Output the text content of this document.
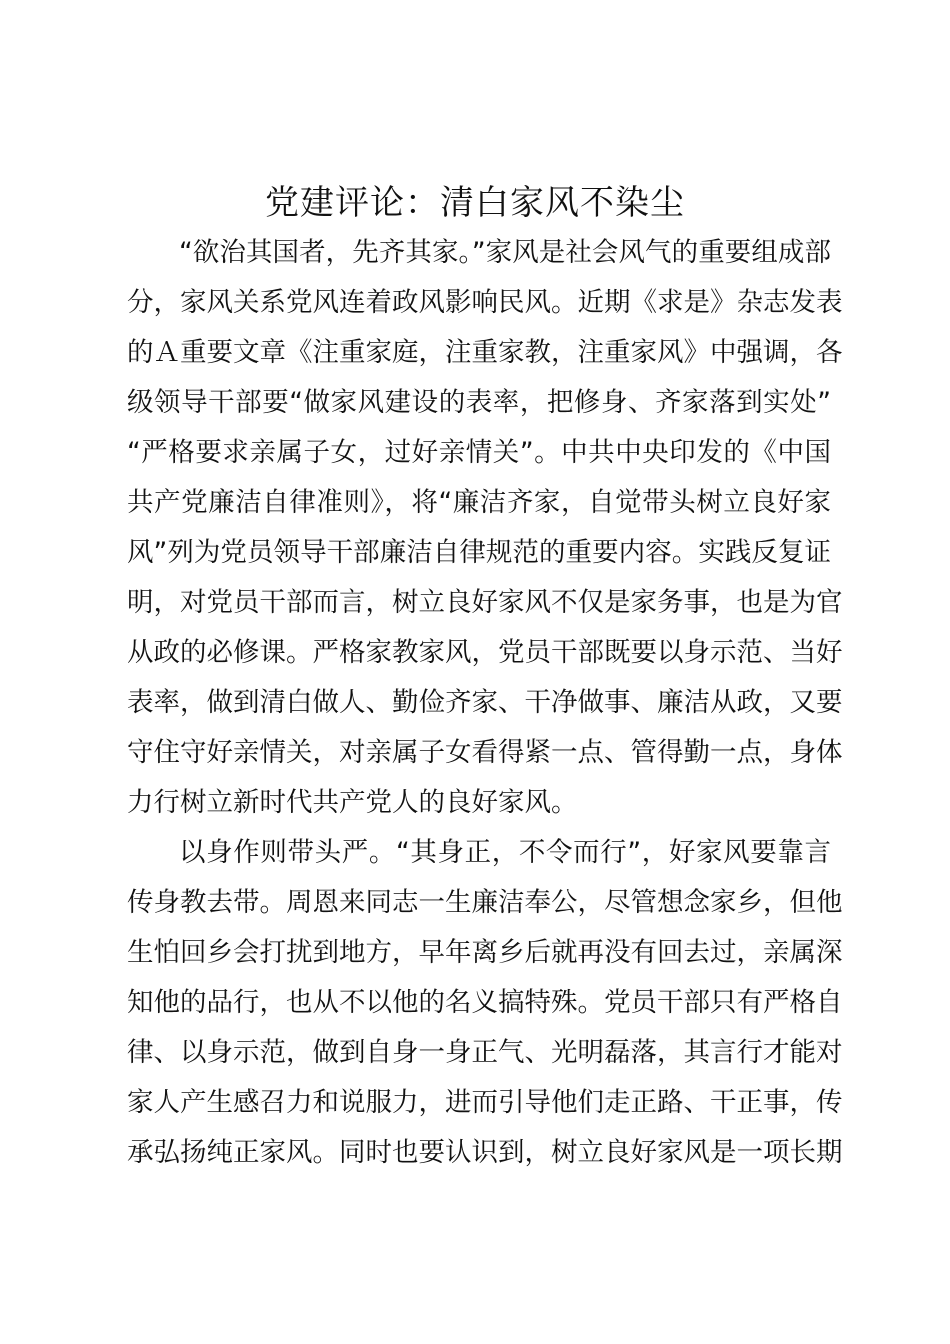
党建评论：清白家风不染尘

“欲治其国者，先齐其家。”家风是社会风气的重要组成部

分，家风关系党风连着政风影响民风。近期《求是》杂志发表

的Ａ重要文章《注重家庭，注重家教，注重家风》中强调，各

级领导干部要“做家风建设的表率，把修身、齐家落到实处”

“严格要求亲属子女，过好亲情关”。中共中央印发的《中国

共产党廉洁自律准则》，将“廉洁齐家，自觉带头树立良好家

风”列为党员领导干部廉洁自律规范的重要内容。实践反复证

明，对党员干部而言，树立良好家风不仅是家务事，也是为官

从政的必修课。严格家教家风，党员干部既要以身示范、当好

表率，做到清白做人、勤俭齐家、干净做事、廉洁从政，又要

守住守好亲情关，对亲属子女看得紧一点、管得勤一点，身体

力行树立新时代共产党人的良好家风。

以身作则带头严。“其身正，不令而行”，好家风要靠言

传身教去带。周恩来同志一生廉洁奉公，尽管想念家乡，但他

生怕回乡会打扰到地方，早年离乡后就再没有回去过，亲属深

知他的品行，也从不以他的名义搞特殊。党员干部只有严格自

律、以身示范，做到自身一身正气、光明磊落，其言行才能对

家人产生感召力和说服力，进而引导他们走正路、干正事，传

承弘扬纯正家风。同时也要认识到，树立良好家风是一项长期
